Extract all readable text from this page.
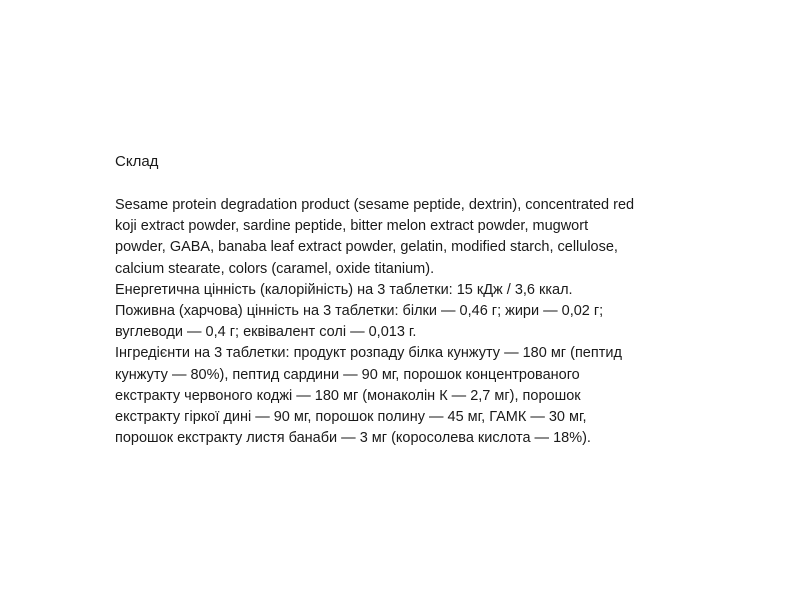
Склад

Sesame protein degradation product (sesame peptide, dextrin), concentrated red
koji extract powder, sardine peptide, bitter melon extract powder, mugwort
powder, GABA, banaba leaf extract powder, gelatin, modified starch, cellulose,
calcium stearate, colors (caramel, oxide titanium).
Енергетична цінність (калорійність) на 3 таблетки: 15 кДж / 3,6 ккал.
Поживна (харчова) цінність на 3 таблетки: білки — 0,46 г; жири — 0,02 г;
вуглеводи — 0,4 г; еквівалент солі — 0,013 г.
Інгредієнти на 3 таблетки: продукт розпаду білка кунжуту — 180 мг (пептид
кунжуту — 80%), пептид сардини — 90 мг, порошок концентрованого
екстракту червоного коджі — 180 мг (монаколін К — 2,7 мг), порошок
екстракту гіркої дині — 90 мг, порошок полину — 45 мг, ГАМК — 30 мг,
порошок екстракту листя банаби — 3 мг (коросолева кислота — 18%).
